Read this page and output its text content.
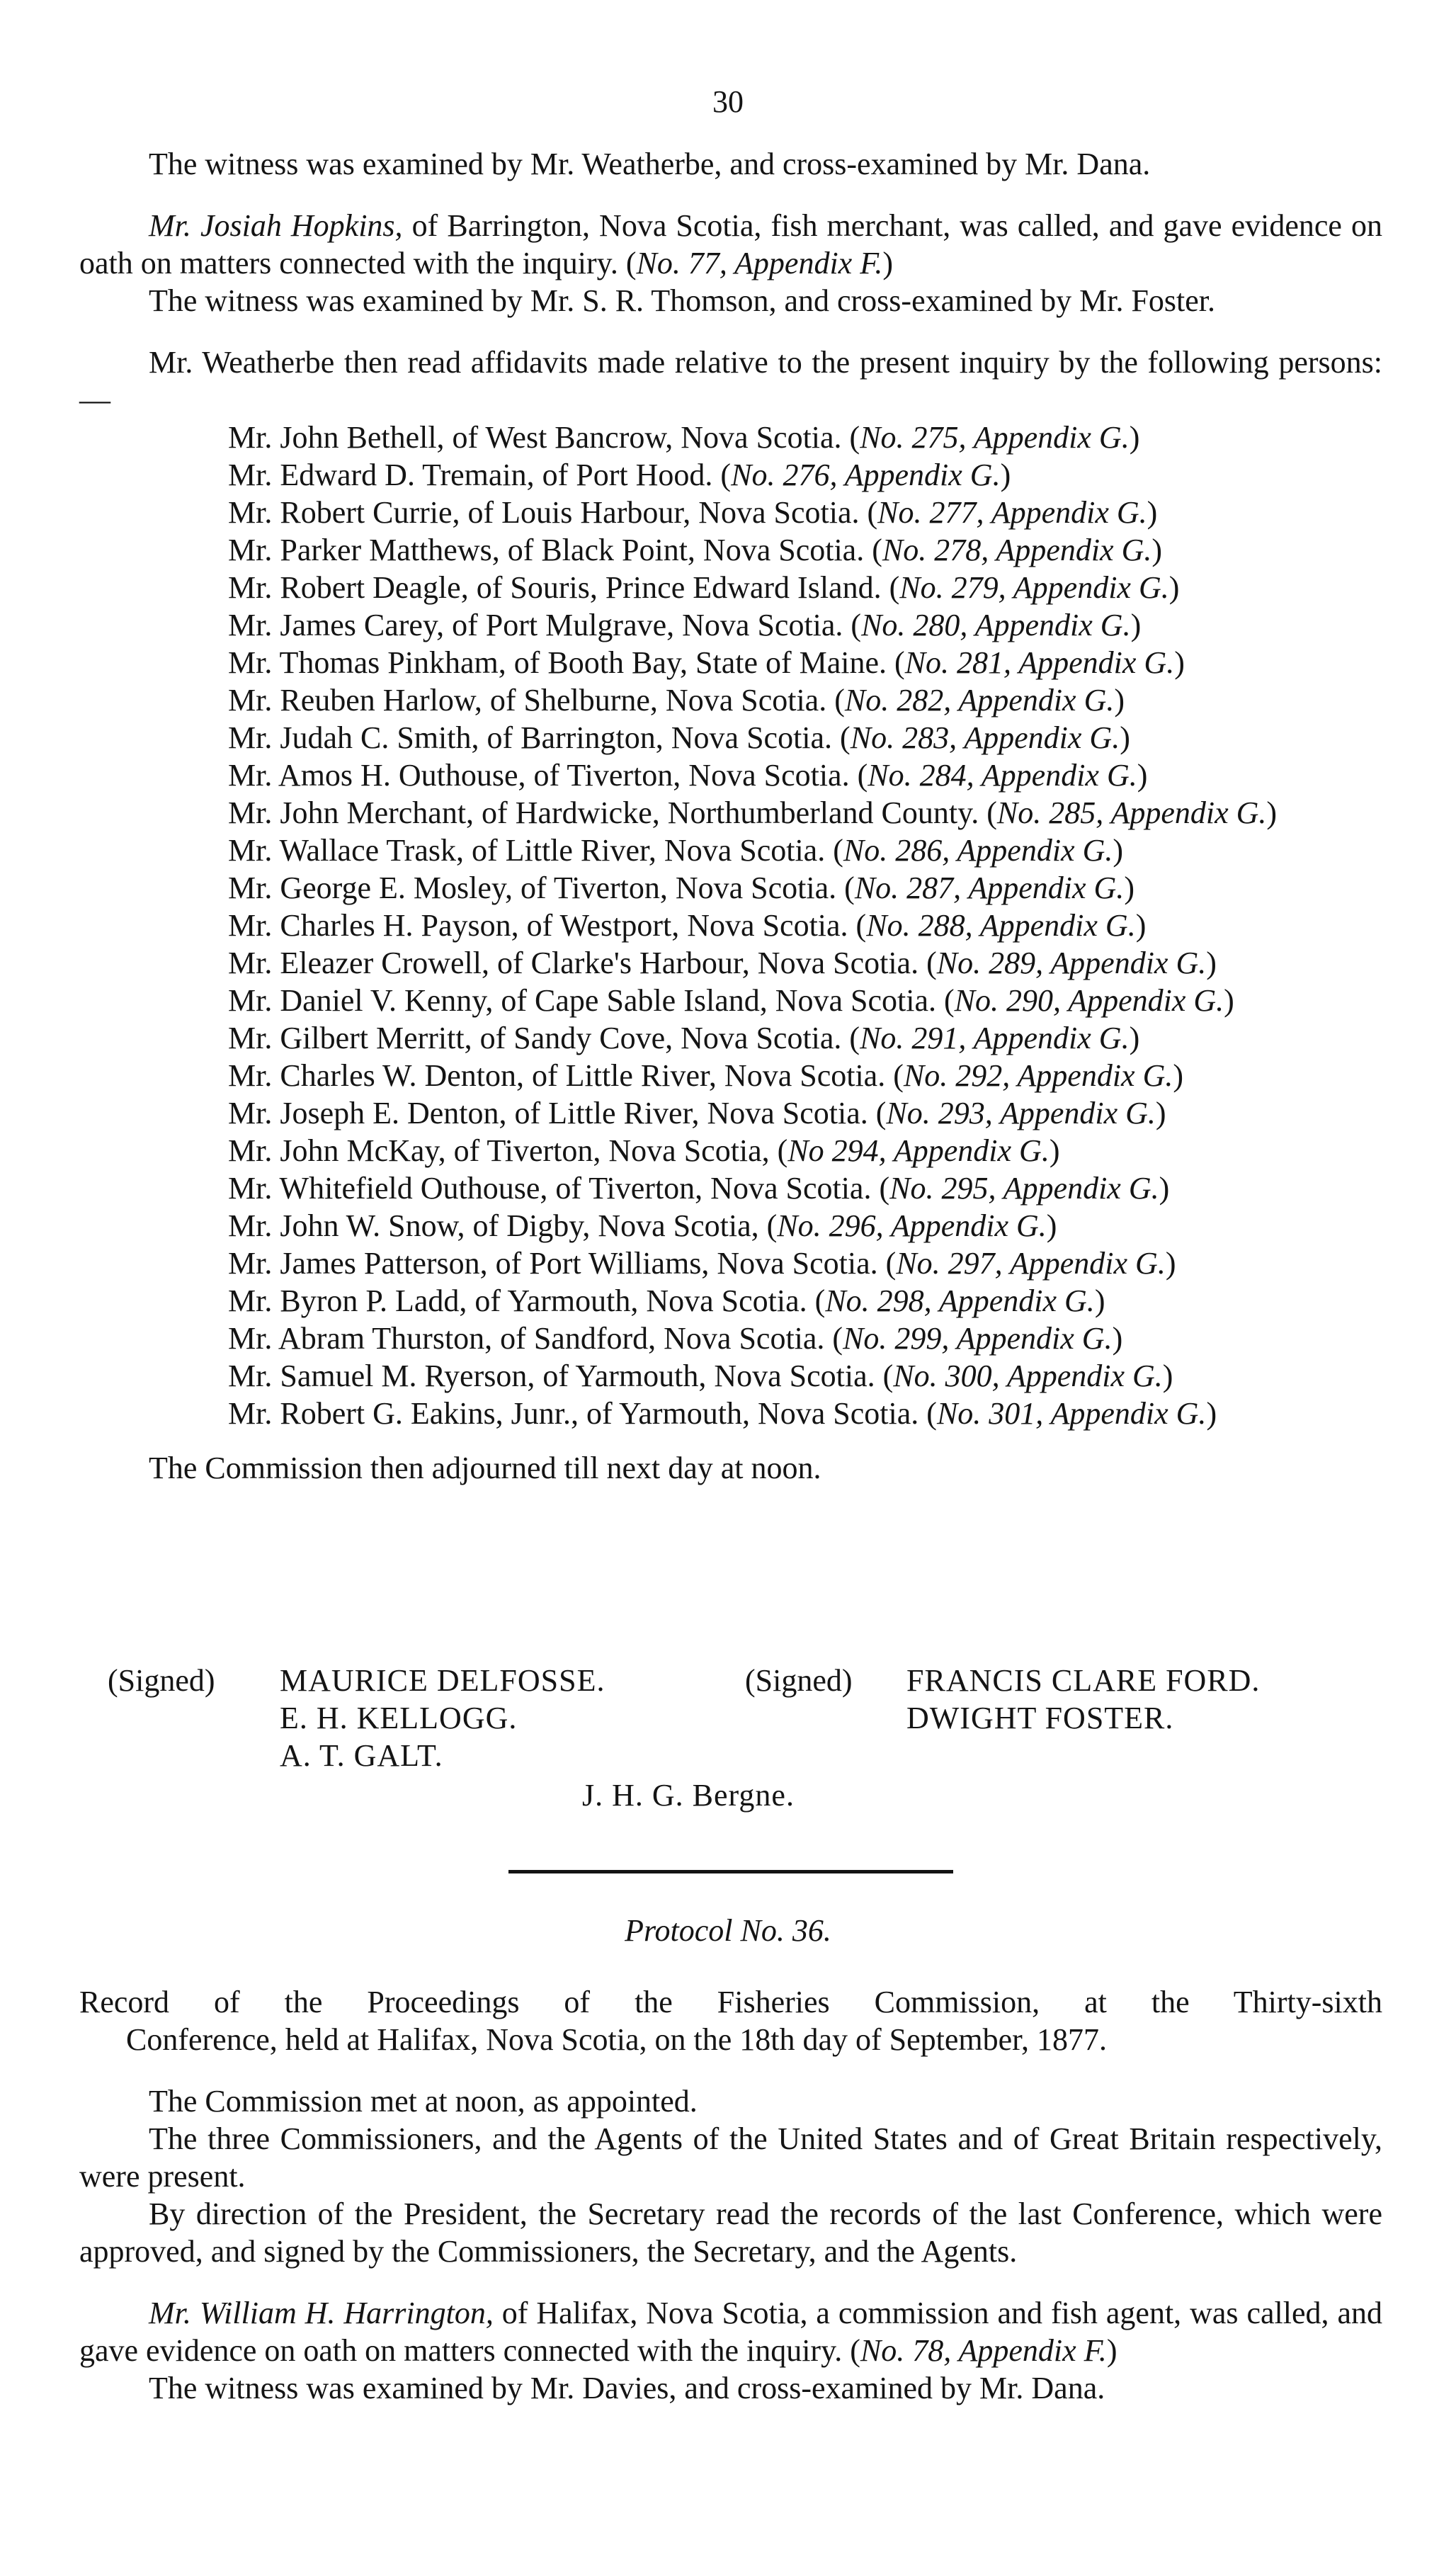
30

The witness was examined by Mr. Weatherbe, and cross-examined by Mr. Dana.

Mr. Josiah Hopkins, of Barrington, Nova Scotia, fish merchant, was called, and gave evidence on oath on matters connected with the inquiry. (No. 77, Appendix F.)

The witness was examined by Mr. S. R. Thomson, and cross-examined by Mr. Foster.

Mr. Weatherbe then read affidavits made relative to the present inquiry by the following persons:—

Mr. John Bethell, of West Bancrow, Nova Scotia. (No. 275, Appendix G.)

Mr. Edward D. Tremain, of Port Hood. (No. 276, Appendix G.)

Mr. Robert Currie, of Louis Harbour, Nova Scotia. (No. 277, Appendix G.)

Mr. Parker Matthews, of Black Point, Nova Scotia. (No. 278, Appendix G.)

Mr. Robert Deagle, of Souris, Prince Edward Island. (No. 279, Appendix G.)

Mr. James Carey, of Port Mulgrave, Nova Scotia. (No. 280, Appendix G.)

Mr. Thomas Pinkham, of Booth Bay, State of Maine. (No. 281, Appendix G.)

Mr. Reuben Harlow, of Shelburne, Nova Scotia. (No. 282, Appendix G.)

Mr. Judah C. Smith, of Barrington, Nova Scotia. (No. 283, Appendix G.)

Mr. Amos H. Outhouse, of Tiverton, Nova Scotia. (No. 284, Appendix G.)

Mr. John Merchant, of Hardwicke, Northumberland County. (No. 285, Appendix G.)

Mr. Wallace Trask, of Little River, Nova Scotia. (No. 286, Appendix G.)

Mr. George E. Mosley, of Tiverton, Nova Scotia. (No. 287, Appendix G.)

Mr. Charles H. Payson, of Westport, Nova Scotia. (No. 288, Appendix G.)

Mr. Eleazer Crowell, of Clarke's Harbour, Nova Scotia. (No. 289, Appendix G.)

Mr. Daniel V. Kenny, of Cape Sable Island, Nova Scotia. (No. 290, Appendix G.)

Mr. Gilbert Merritt, of Sandy Cove, Nova Scotia. (No. 291, Appendix G.)

Mr. Charles W. Denton, of Little River, Nova Scotia. (No. 292, Appendix G.)

Mr. Joseph E. Denton, of Little River, Nova Scotia. (No. 293, Appendix G.)

Mr. John McKay, of Tiverton, Nova Scotia, (No 294, Appendix G.)

Mr. Whitefield Outhouse, of Tiverton, Nova Scotia. (No. 295, Appendix G.)

Mr. John W. Snow, of Digby, Nova Scotia, (No. 296, Appendix G.)

Mr. James Patterson, of Port Williams, Nova Scotia. (No. 297, Appendix G.)

Mr. Byron P. Ladd, of Yarmouth, Nova Scotia. (No. 298, Appendix G.)

Mr. Abram Thurston, of Sandford, Nova Scotia. (No. 299, Appendix G.)

Mr. Samuel M. Ryerson, of Yarmouth, Nova Scotia. (No. 300, Appendix G.)

Mr. Robert G. Eakins, Junr., of Yarmouth, Nova Scotia. (No. 301, Appendix G.)

The Commission then adjourned till next day at noon.

(Signed) MAURICE DELFOSSE.
E. H. KELLOGG.
A. T. GALT.
(Signed) FRANCIS CLARE FORD.
DWIGHT FOSTER.
J. H. G. Bergne.
Protocol No. 36.
Record of the Proceedings of the Fisheries Commission, at the Thirty-sixth
Conference, held at Halifax, Nova Scotia, on the 18th day of September, 1877.

The Commission met at noon, as appointed.

The three Commissioners, and the Agents of the United States and of Great Britain respectively, were present.

By direction of the President, the Secretary read the records of the last Conference, which were approved, and signed by the Commissioners, the Secretary, and the Agents.

Mr. William H. Harrington, of Halifax, Nova Scotia, a commission and fish agent, was called, and gave evidence on oath on matters connected with the inquiry. (No. 78, Appendix F.)

The witness was examined by Mr. Davies, and cross-examined by Mr. Dana.
